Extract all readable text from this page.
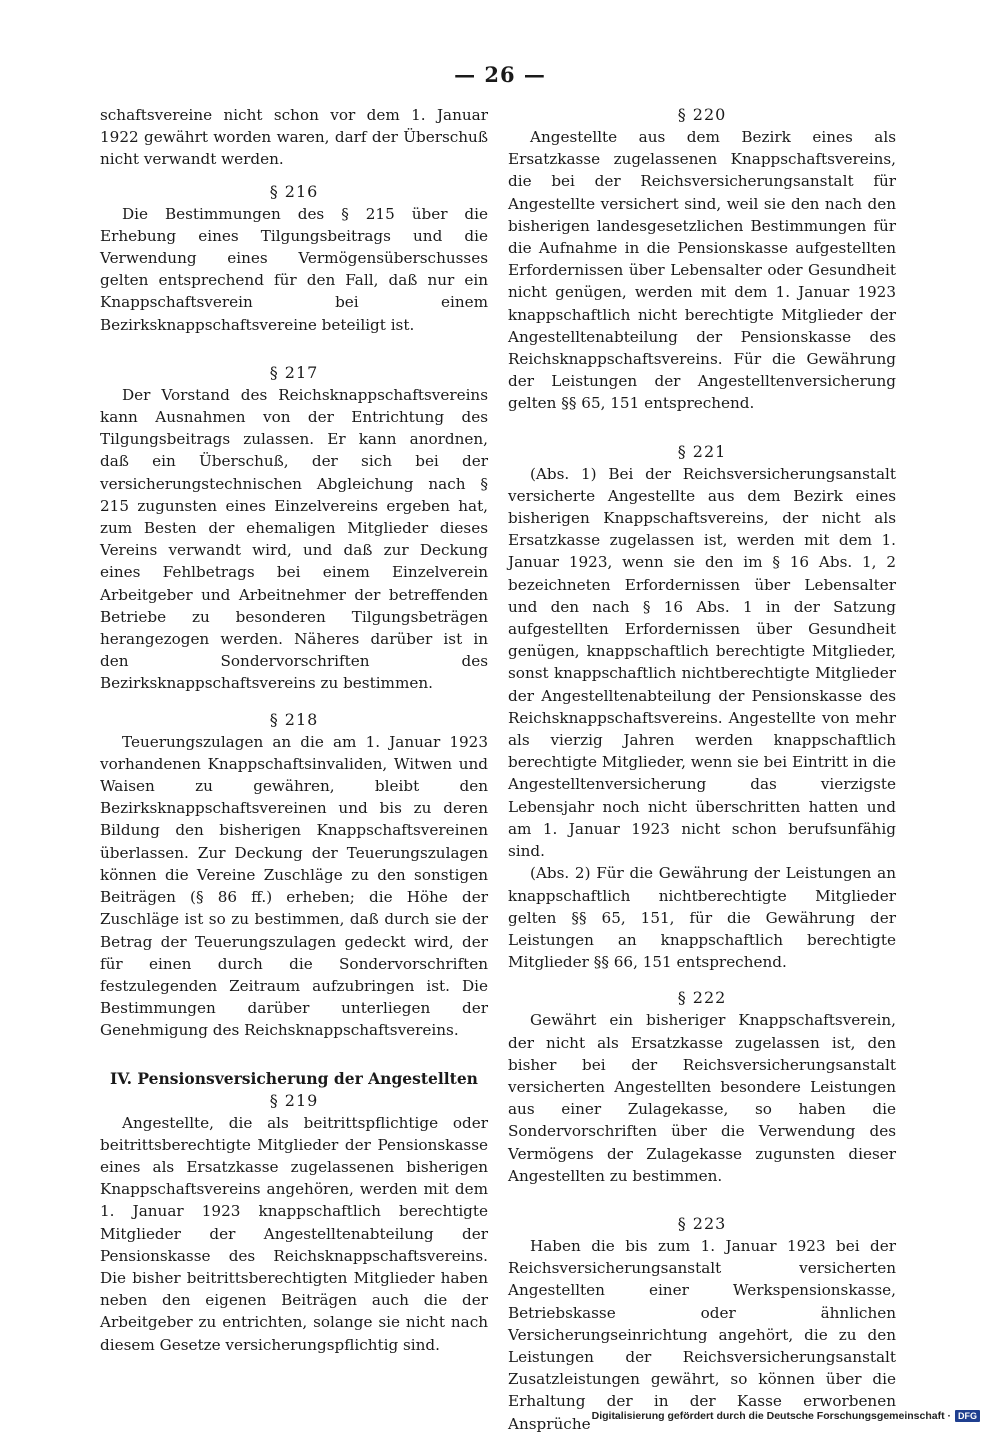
— 26 —

schaftsvereine nicht schon vor dem 1. Januar 1922 gewährt worden waren, darf der Überschuß nicht verwandt werden.

§ 216

Die Bestimmungen des § 215 über die Erhebung eines Tilgungsbeitrags und die Verwendung eines Vermögensüberschusses gelten entsprechend für den Fall, daß nur ein Knappschaftsverein bei einem Bezirksknappschaftsvereine beteiligt ist.

§ 217

Der Vorstand des Reichsknappschaftsvereins kann Ausnahmen von der Entrichtung des Tilgungsbeitrags zulassen. Er kann anordnen, daß ein Überschuß, der sich bei der versicherungstechnischen Abgleichung nach § 215 zugunsten eines Einzelvereins ergeben hat, zum Besten der ehemaligen Mitglieder dieses Vereins verwandt wird, und daß zur Deckung eines Fehlbetrags bei einem Einzelverein Arbeitgeber und Arbeitnehmer der betreffenden Betriebe zu besonderen Tilgungsbeträgen herangezogen werden. Näheres darüber ist in den Sondervorschriften des Bezirksknappschaftsvereins zu bestimmen.

§ 218

Teuerungszulagen an die am 1. Januar 1923 vorhandenen Knappschaftsinvaliden, Witwen und Waisen zu gewähren, bleibt den Bezirksknappschaftsvereinen und bis zu deren Bildung den bisherigen Knappschaftsvereinen überlassen. Zur Deckung der Teuerungszulagen können die Vereine Zuschläge zu den sonstigen Beiträgen (§ 86 ff.) erheben; die Höhe der Zuschläge ist so zu bestimmen, daß durch sie der Betrag der Teuerungszulagen gedeckt wird, der für einen durch die Sondervorschriften festzulegenden Zeitraum aufzubringen ist. Die Bestimmungen darüber unterliegen der Genehmigung des Reichsknappschaftsvereins.

IV. Pensionsversicherung der Angestellten

§ 219

Angestellte, die als beitrittspflichtige oder beitrittsberechtigte Mitglieder der Pensionskasse eines als Ersatzkasse zugelassenen bisherigen Knappschaftsvereins angehören, werden mit dem 1. Januar 1923 knappschaftlich berechtigte Mitglieder der Angestelltenabteilung der Pensionskasse des Reichsknappschaftsvereins. Die bisher beitrittsberechtigten Mitglieder haben neben den eigenen Beiträgen auch die der Arbeitgeber zu entrichten, solange sie nicht nach diesem Gesetze versicherungspflichtig sind.

§ 220

Angestellte aus dem Bezirk eines als Ersatzkasse zugelassenen Knappschaftsvereins, die bei der Reichsversicherungsanstalt für Angestellte versichert sind, weil sie den nach den bisherigen landesgesetzlichen Bestimmungen für die Aufnahme in die Pensionskasse aufgestellten Erfordernissen über Lebensalter oder Gesundheit nicht genügen, werden mit dem 1. Januar 1923 knappschaftlich nicht berechtigte Mitglieder der Angestelltenabteilung der Pensionskasse des Reichsknappschaftsvereins. Für die Gewährung der Leistungen der Angestelltenversicherung gelten §§ 65, 151 entsprechend.

§ 221

(Abs. 1) Bei der Reichsversicherungsanstalt versicherte Angestellte aus dem Bezirk eines bisherigen Knappschaftsvereins, der nicht als Ersatzkasse zugelassen ist, werden mit dem 1. Januar 1923, wenn sie den im § 16 Abs. 1, 2 bezeichneten Erfordernissen über Lebensalter und den nach § 16 Abs. 1 in der Satzung aufgestellten Erfordernissen über Gesundheit genügen, knappschaftlich berechtigte Mitglieder, sonst knappschaftlich nichtberechtigte Mitglieder der Angestelltenabteilung der Pensionskasse des Reichsknappschaftsvereins. Angestellte von mehr als vierzig Jahren werden knappschaftlich berechtigte Mitglieder, wenn sie bei Eintritt in die Angestelltenversicherung das vierzigste Lebensjahr noch nicht überschritten hatten und am 1. Januar 1923 nicht schon berufsunfähig sind.

(Abs. 2) Für die Gewährung der Leistungen an knappschaftlich nichtberechtigte Mitglieder gelten §§ 65, 151, für die Gewährung der Leistungen an knappschaftlich berechtigte Mitglieder §§ 66, 151 entsprechend.

§ 222

Gewährt ein bisheriger Knappschaftsverein, der nicht als Ersatzkasse zugelassen ist, den bisher bei der Reichsversicherungsanstalt versicherten Angestellten besondere Leistungen aus einer Zulagekasse, so haben die Sondervorschriften über die Verwendung des Vermögens der Zulagekasse zugunsten dieser Angestellten zu bestimmen.

§ 223

Haben die bis zum 1. Januar 1923 bei der Reichsversicherungsanstalt versicherten Angestellten einer Werkspensionskasse, Betriebskasse oder ähnlichen Versicherungseinrichtung angehört, die zu den Leistungen der Reichsversicherungsanstalt Zusatzleistungen gewährt, so können über die Erhaltung der in der Kasse erworbenen Ansprüche Digitalisierung gefördert durch die Deutsche Forschungsgemeinschaft · DFG
